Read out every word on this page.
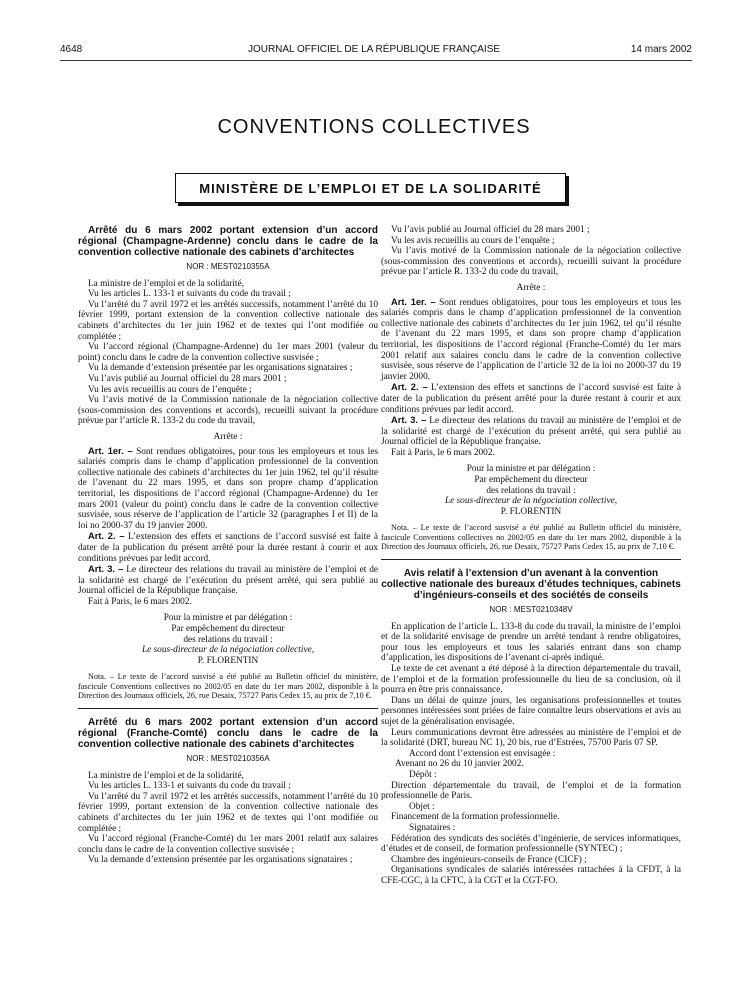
4648	JOURNAL OFFICIEL DE LA RÉPUBLIQUE FRANÇAISE	14 mars 2002
CONVENTIONS COLLECTIVES
MINISTÈRE DE L’EMPLOI ET DE LA SOLIDARITÉ
Arrêté du 6 mars 2002 portant extension d’un accord régional (Champagne-Ardenne) conclu dans le cadre de la convention collective nationale des cabinets d’architectes
NOR : MEST0210355A

La ministre de l’emploi et de la solidarité,

Vu les articles L. 133-1 et suivants du code du travail ;

Vu l’arrêté du 7 avril 1972 et les arrêtés successifs, notamment l’arrêté du 10 février 1999, portant extension de la convention collective nationale des cabinets d’architectes du 1er juin 1962 et de textes qui l’ont modifiée ou complétée ;

Vu l’accord régional (Champagne-Ardenne) du 1er mars 2001 (valeur du point) conclu dans le cadre de la convention collective susvisée ;

Vu la demande d’extension présentée par les organisations signataires ;

Vu l’avis publié au Journal officiel du 28 mars 2001 ;

Vu les avis recueillis au cours de l’enquête ;

Vu l’avis motivé de la Commission nationale de la négociation collective (sous-commission des conventions et accords), recueilli suivant la procédure prévue par l’article R. 133-2 du code du travail,

Arrête :

Art. 1er. – Sont rendues obligatoires, pour tous les employeurs et tous les salariés compris dans le champ d’application professionnel de la convention collective nationale des cabinets d’architectes du 1er juin 1962, tel qu’il résulte de l’avenant du 22 mars 1995, et dans son propre champ d’application territorial, les dispositions de l’accord régional (Champagne-Ardenne) du 1er mars 2001 (valeur du point) conclu dans le cadre de la convention collective susvisée, sous réserve de l’application de l’article 32 (paragraphes I et II) de la loi no 2000-37 du 19 janvier 2000.

Art. 2. – L’extension des effets et sanctions de l’accord susvisé est faite à dater de la publication du présent arrêté pour la durée restant à courir et aux conditions prévues par ledit accord.

Art. 3. – Le directeur des relations du travail au ministère de l’emploi et de la solidarité est chargé de l’exécution du présent arrêté, qui sera publié au Journal officiel de la République française.

Fait à Paris, le 6 mars 2002.

Pour la ministre et par délégation :
Par empêchement du directeur
des relations du travail :
Le sous-directeur de la négociation collective,
P. FLORENTIN
Nota. – Le texte de l’accord susvisé a été publié au Bulletin officiel du ministère, fascicule Conventions collectives no 2002/05 en date du 1er mars 2002, disponible à la Direction des Journaux officiels, 26, rue Desaix, 75727 Paris Cedex 15, au prix de 7,10 €.
Arrêté du 6 mars 2002 portant extension d’un accord régional (Franche-Comté) conclu dans le cadre de la convention collective nationale des cabinets d’architectes
NOR : MEST0210356A

La ministre de l’emploi et de la solidarité,

Vu les articles L. 133-1 et suivants du code du travail ;

Vu l’arrêté du 7 avril 1972 et les arrêtés successifs, notamment l’arrêté du 10 février 1999, portant extension de la convention collective nationale des cabinets d’architectes du 1er juin 1962 et de textes qui l’ont modifiée ou complétée ;

Vu l’accord régional (Franche-Comté) du 1er mars 2001 relatif aux salaires conclu dans le cadre de la convention collective susvisée ;

Vu la demande d’extension présentée par les organisations signataires ;

Vu l’avis publié au Journal officiel du 28 mars 2001 ;

Vu les avis recueillis au cours de l’enquête ;

Vu l’avis motivé de la Commission nationale de la négociation collective (sous-commission des conventions et accords), recueilli suivant la procédure prévue par l’article R. 133-2 du code du travail,

Arrête :

Art. 1er. – Sont rendues obligatoires, pour tous les employeurs et tous les salariés compris dans le champ d’application professionnel de la convention collective nationale des cabinets d’architectes du 1er juin 1962, tel qu’il résulte de l’avenant du 22 mars 1995, et dans son propre champ d’application territorial, les dispositions de l’accord régional (Franche-Comté) du 1er mars 2001 relatif aux salaires conclu dans le cadre de la convention collective susvisée, sous réserve de l’application de l’article 32 de la loi no 2000-37 du 19 janvier 2000.

Art. 2. – L’extension des effets et sanctions de l’accord susvisé est faite à dater de la publication du présent arrêté pour la durée restant à courir et aux conditions prévues par ledit accord.

Art. 3. – Le directeur des relations du travail au ministère de l’emploi et de la solidarité est chargé de l’exécution du présent arrêté, qui sera publié au Journal officiel de la République française.

Fait à Paris, le 6 mars 2002.

Pour la ministre et par délégation :
Par empêchement du directeur
des relations du travail :
Le sous-directeur de la négociation collective,
P. FLORENTIN
Nota. – Le texte de l’accord susvisé a été publié au Bulletin officiel du ministère, fascicule Conventions collectives no 2002/05 en date du 1er mars 2002, disponible à la Direction des Journaux officiels, 26, rue Desaix, 75727 Paris Cedex 15, au prix de 7,10 €.
Avis relatif à l’extension d’un avenant à la convention collective nationale des bureaux d’études techniques, cabinets d’ingénieurs-conseils et des sociétés de conseils
NOR : MEST0210348V

En application de l’article L. 133-8 du code du travail, la ministre de l’emploi et de la solidarité envisage de prendre un arrêté tendant à rendre obligatoires, pour tous les employeurs et tous les salariés entrant dans son champ d’application, les dispositions de l’avenant ci-après indiqué.

Le texte de cet avenant a été déposé à la direction départementale du travail, de l’emploi et de la formation professionnelle du lieu de sa conclusion, où il pourra en être pris connaissance.

Dans un délai de quinze jours, les organisations professionnelles et toutes personnes intéressées sont priées de faire connaître leurs observations et avis au sujet de la généralisation envisagée.

Leurs communications devront être adressées au ministère de l’emploi et de la solidarité (DRT, bureau NC 1), 20 bis, rue d’Estrées, 75700 Paris 07 SP.

Accord dont l’extension est envisagée :

Avenant no 26 du 10 janvier 2002.

Dépôt :

Direction départementale du travail, de l’emploi et de la formation professionnelle de Paris.

Objet :

Financement de la formation professionnelle.

Signataires :

Fédération des syndicats des sociétés d’ingénierie, de services informatiques, d’études et de conseil, de formation professionnelle (SYNTEC) ;

Chambre des ingénieurs-conseils de France (CICF) ;

Organisations syndicales de salariés intéressées rattachées à la CFDT, à la CFE-CGC, à la CFTC, à la CGT et la CGT-FO.
